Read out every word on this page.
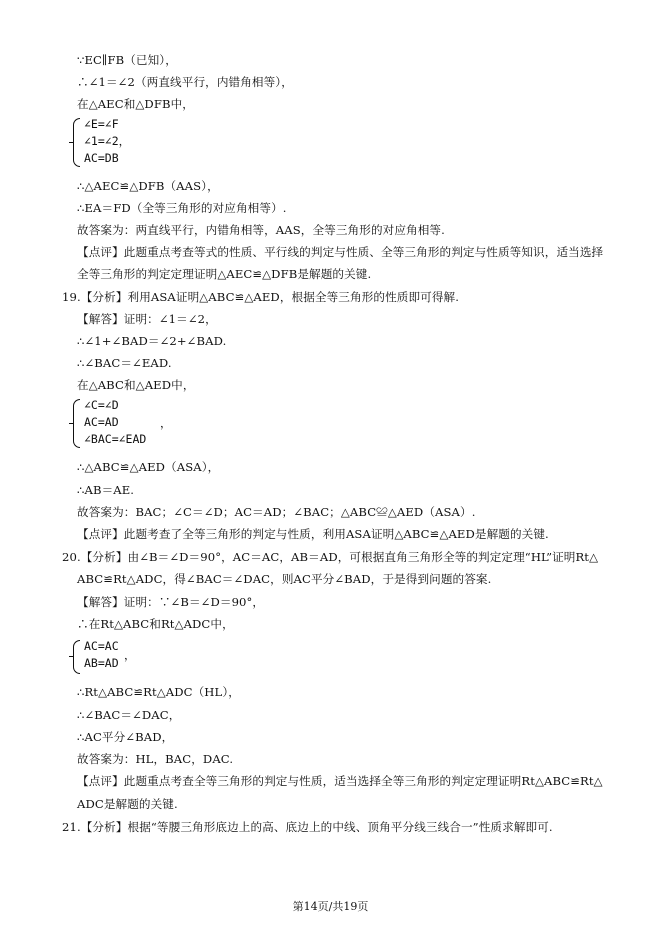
∵EC∥FB（已知），
∴∠1＝∠2（两直线平行，内错角相等），
在△AEC和△DFB中，
∠E=∠F
∠1=∠2，
AC=DB
∴△AEC≌△DFB（AAS），
∴EA＝FD（全等三角形的对应角相等）.
故答案为：两直线平行，内错角相等，AAS，全等三角形的对应角相等.
【点评】此题重点考查等式的性质、平行线的判定与性质、全等三角形的判定与性质等知识，适当选择
全等三角形的判定定理证明△AEC≌△DFB是解题的关键.
19.【分析】利用ASA证明△ABC≌△AED，根据全等三角形的性质即可得解.
【解答】证明：∠1＝∠2，
∴∠1+∠BAD＝∠2+∠BAD.
∴∠BAC＝∠EAD.
在△ABC和△AED中，
∠C=∠D
AC=AD
∠BAC=∠EAD
，
∴△ABC≌△AED（ASA），
∴AB＝AE.
故答案为：BAC；∠C＝∠D；AC＝AD；∠BAC；△ABC≌△AED（ASA）.
【点评】此题考查了全等三角形的判定与性质，利用ASA证明△ABC≌△AED是解题的关键.
20.【分析】由∠B＝∠D＝90°，AC＝AC，AB＝AD，可根据直角三角形全等的判定定理“HL”证明Rt△
ABC≌Rt△ADC，得∠BAC＝∠DAC，则AC平分∠BAD，于是得到问题的答案.
【解答】证明：∵∠B＝∠D＝90°，
∴在Rt△ABC和Rt△ADC中，
AC=AC
AB=AD
，
∴Rt△ABC≌Rt△ADC（HL），
∴∠BAC＝∠DAC，
∴AC平分∠BAD，
故答案为：HL，BAC，DAC.
【点评】此题重点考查全等三角形的判定与性质，适当选择全等三角形的判定定理证明Rt△ABC≌Rt△
ADC是解题的关键.
21.【分析】根据“等腰三角形底边上的高、底边上的中线、顶角平分线三线合一”性质求解即可.
第14页/共19页
